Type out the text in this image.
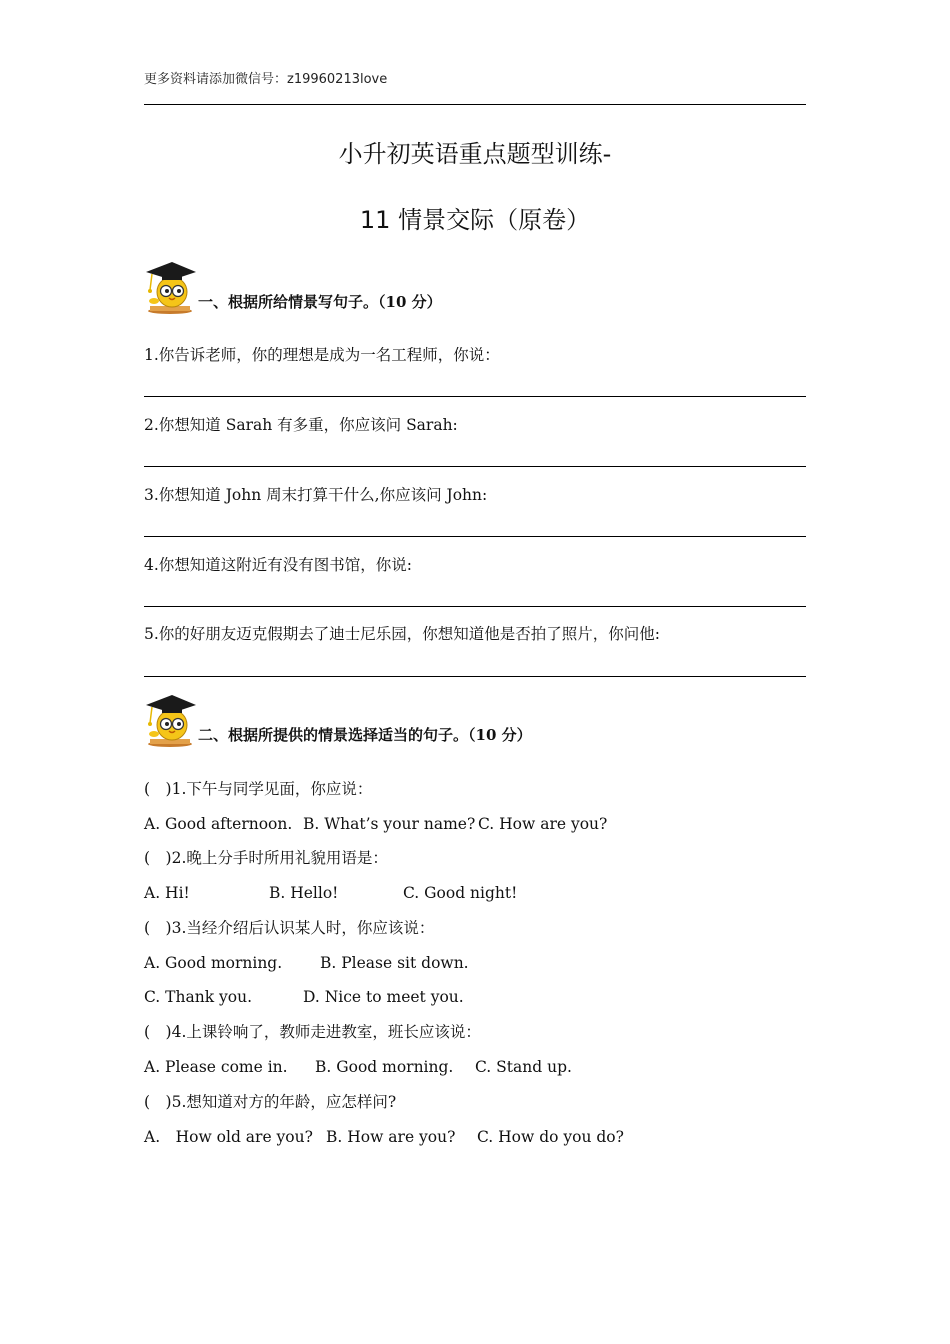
更多资料请添加微信号：z19960213love
小升初英语重点题型训练-
11 情景交际（原卷）
一、根据所给情景写句子。（10 分）
1.你告诉老师，你的理想是成为一名工程师，你说：
2.你想知道 Sarah 有多重，你应该问 Sarah:
3.你想知道 John 周末打算干什么,你应该问 John:
4.你想知道这附近有没有图书馆，你说:
5.你的好朋友迈克假期去了迪士尼乐园，你想知道他是否拍了照片，你问他:
二、根据所提供的情景选择适当的句子。（10 分）
(　)1.下午与同学见面，你应说：
A. Good afternoon. B. What’s your name? C. How are you?
(　)2.晚上分手时所用礼貌用语是：
A. Hi!	B. Hello!	C. Good night!
(　)3.当经介绍后认识某人时，你应该说：
A. Good morning. B. Please sit down.
C. Thank you.	D. Nice to meet you.
(　)4.上课铃响了，教师走进教室，班长应该说：
A. Please come in. B. Good morning. C. Stand up.
(　)5.想知道对方的年龄，应怎样问?
A.　How old are you? B. How are you? C. How do you do?
